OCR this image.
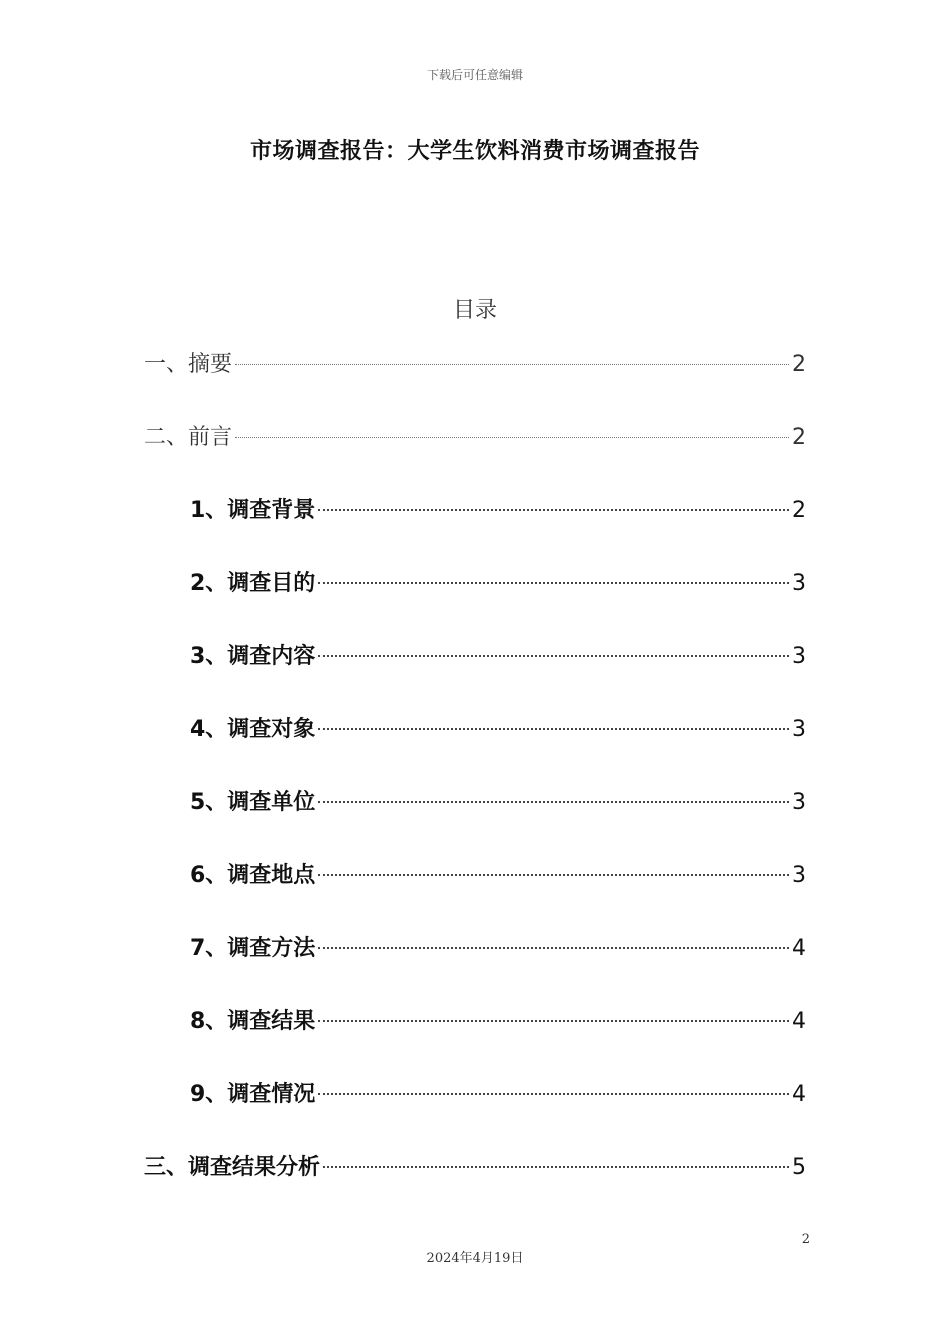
下载后可任意编辑
市场调查报告：大学生饮料消费市场调查报告
目录
一、摘要	2
二、前言	2
1、调查背景	2
2、调查目的	3
3、调查内容	3
4、调查对象	3
5、调查单位	3
6、调查地点	3
7、调查方法	4
8、调查结果	4
9、调查情况	4
三、调查结果分析	5
2
2024年4月19日
